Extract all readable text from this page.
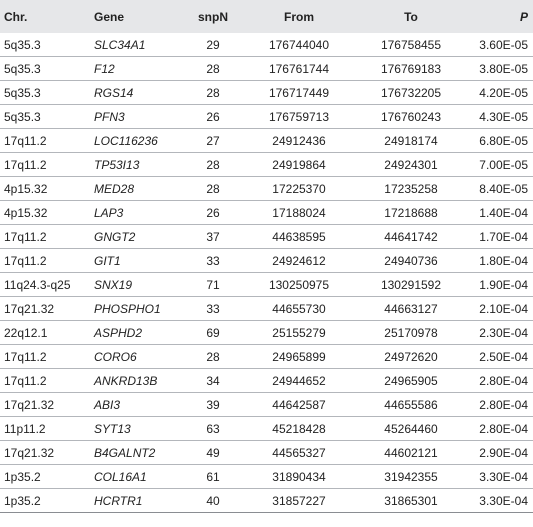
Chr.	Gene	snpN	From	To	P
5q35.3	SLC34A1	29	176744040	176758455	3.60E-05
5q35.3	F12	28	176761744	176769183	3.80E-05
5q35.3	RGS14	28	176717449	176732205	4.20E-05
5q35.3	PFN3	26	176759713	176760243	4.30E-05
17q11.2	LOC116236	27	24912436	24918174	6.80E-05
17q11.2	TP53I13	28	24919864	24924301	7.00E-05
4p15.32	MED28	28	17225370	17235258	8.40E-05
4p15.32	LAP3	26	17188024	17218688	1.40E-04
17q11.2	GNGT2	37	44638595	44641742	1.70E-04
17q11.2	GIT1	33	24924612	24940736	1.80E-04
11q24.3-q25	SNX19	71	130250975	130291592	1.90E-04
17q21.32	PHOSPHO1	33	44655730	44663127	2.10E-04
22q12.1	ASPHD2	69	25155279	25170978	2.30E-04
17q11.2	CORO6	28	24965899	24972620	2.50E-04
17q11.2	ANKRD13B	34	24944652	24965905	2.80E-04
17q21.32	ABI3	39	44642587	44655586	2.80E-04
11p11.2	SYT13	63	45218428	45264460	2.80E-04
17q21.32	B4GALNT2	49	44565327	44602121	2.90E-04
1p35.2	COL16A1	61	31890434	31942355	3.30E-04
1p35.2	HCRTR1	40	31857227	31865301	3.30E-04
